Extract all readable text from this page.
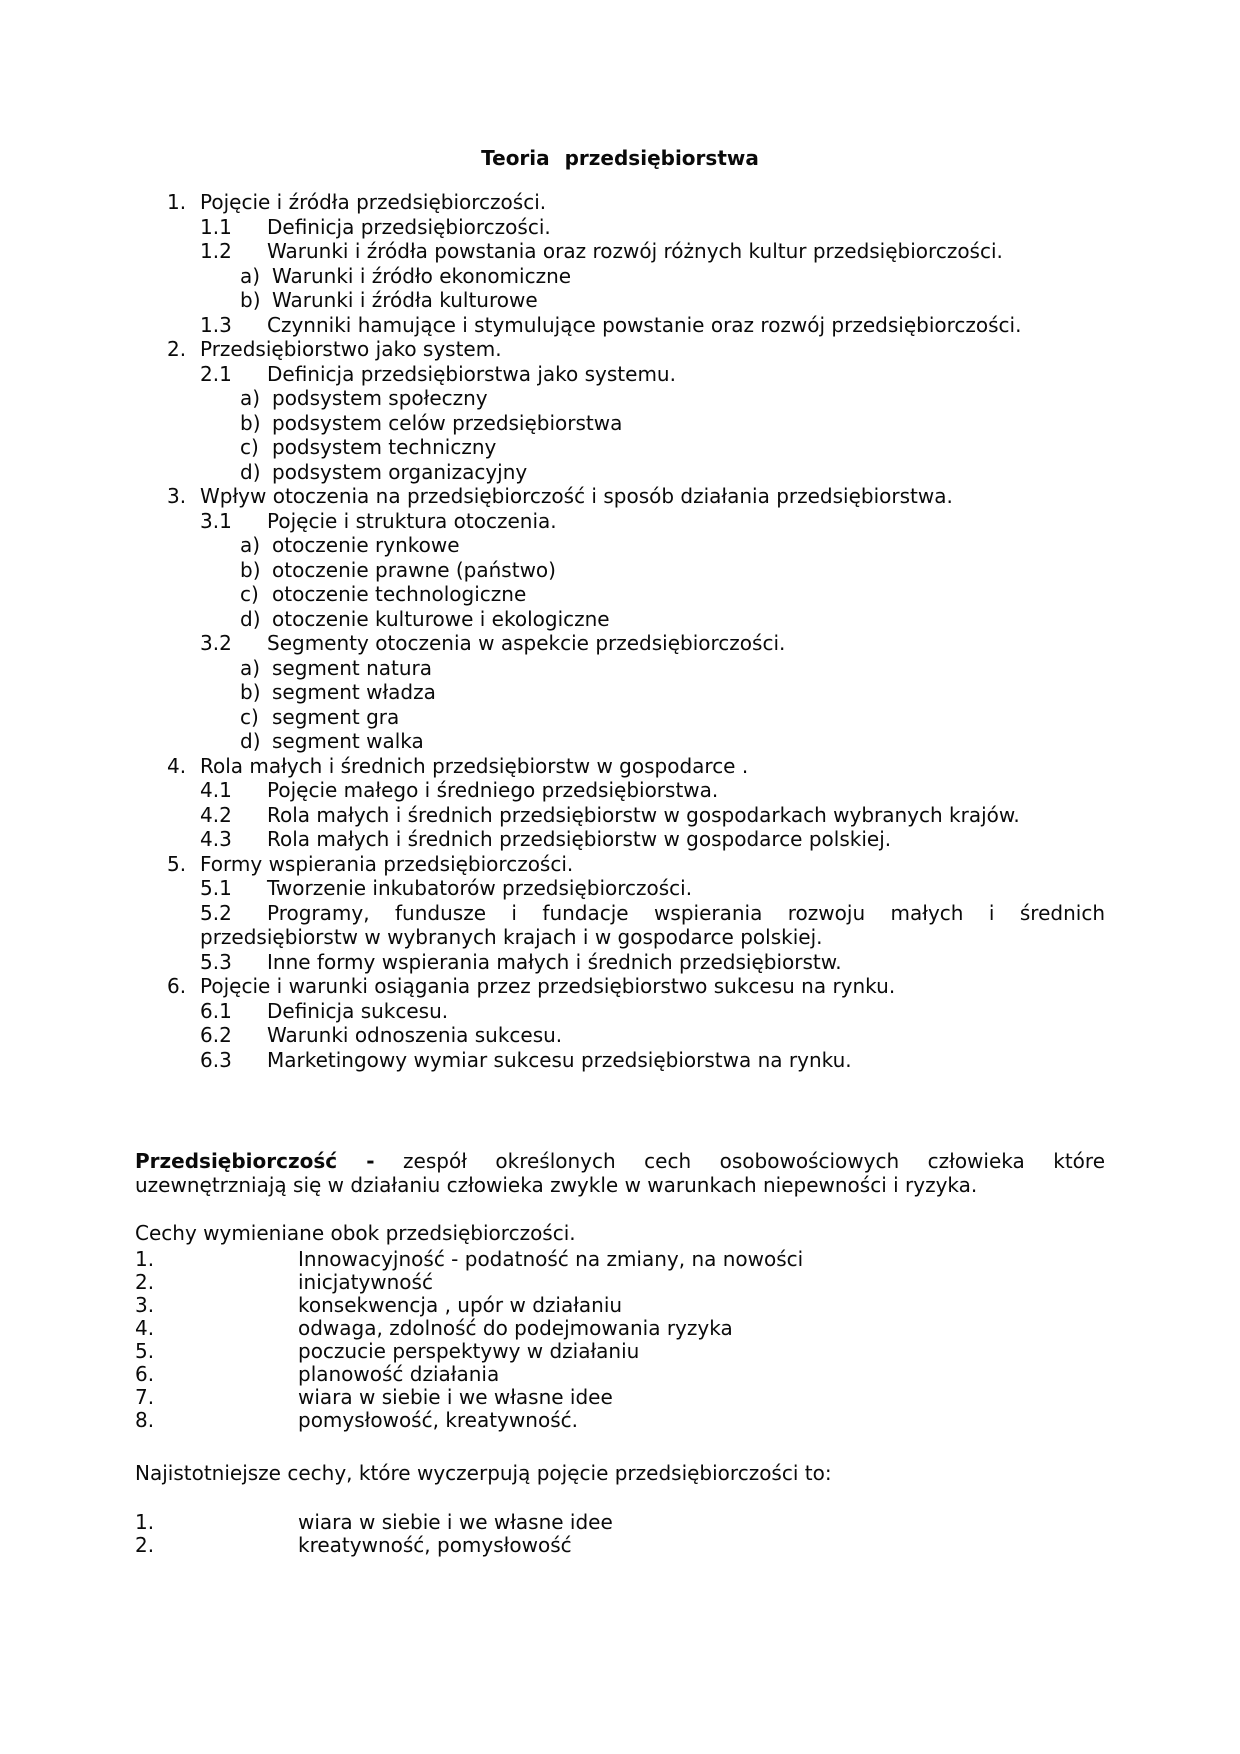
Teoria przedsiębiorstwa
1. Pojęcie i źródła przedsiębiorczości.
1.1 Definicja przedsiębiorczości.
1.2 Warunki i źródła powstania oraz rozwój różnych kultur przedsiębiorczości.
a) Warunki i źródło ekonomiczne
b) Warunki i źródła kulturowe
1.3 Czynniki hamujące i stymulujące powstanie oraz rozwój przedsiębiorczości.
2. Przedsiębiorstwo jako system.
2.1 Definicja przedsiębiorstwa jako systemu.
a) podsystem społeczny
b) podsystem celów przedsiębiorstwa
c) podsystem techniczny
d) podsystem organizacyjny
3. Wpływ otoczenia na przedsiębiorczość i sposób działania przedsiębiorstwa.
3.1 Pojęcie i struktura otoczenia.
a) otoczenie rynkowe
b) otoczenie prawne (państwo)
c) otoczenie technologiczne
d) otoczenie kulturowe i ekologiczne
3.2 Segmenty otoczenia w aspekcie przedsiębiorczości.
a) segment natura
b) segment władza
c) segment gra
d) segment walka
4. Rola małych i średnich przedsiębiorstw w gospodarce .
4.1 Pojęcie małego i średniego przedsiębiorstwa.
4.2 Rola małych i średnich przedsiębiorstw w gospodarkach wybranych krajów.
4.3 Rola małych i średnich przedsiębiorstw w gospodarce polskiej.
5. Formy wspierania przedsiębiorczości.
5.1 Tworzenie inkubatorów przedsiębiorczości.
5.2 Programy, fundusze i fundacje wspierania rozwoju małych i średnich
przedsiębiorstw w wybranych krajach i w gospodarce polskiej.
5.3 Inne formy wspierania małych i średnich przedsiębiorstw.
6. Pojęcie i warunki osiągania przez przedsiębiorstwo sukcesu na rynku.
6.1 Definicja sukcesu.
6.2 Warunki odnoszenia sukcesu.
6.3 Marketingowy wymiar sukcesu przedsiębiorstwa na rynku.
Przedsiębiorczość - zespół określonych cech osobowościowych człowieka które
uzewnętrzniają się w działaniu człowieka zwykle w warunkach niepewności i ryzyka.
Cechy wymieniane obok przedsiębiorczości.
1.	Innowacyjność - podatność na zmiany, na nowości
2.	inicjatywność
3.	konsekwencja , upór w działaniu
4.	odwaga, zdolność do podejmowania ryzyka
5.	poczucie perspektywy w działaniu
6.	planowość działania
7.	wiara w siebie i we własne idee
8.	pomysłowość, kreatywność.
Najistotniejsze cechy, które wyczerpują pojęcie przedsiębiorczości to:
1.	wiara w siebie i we własne idee
2.	kreatywność, pomysłowość
